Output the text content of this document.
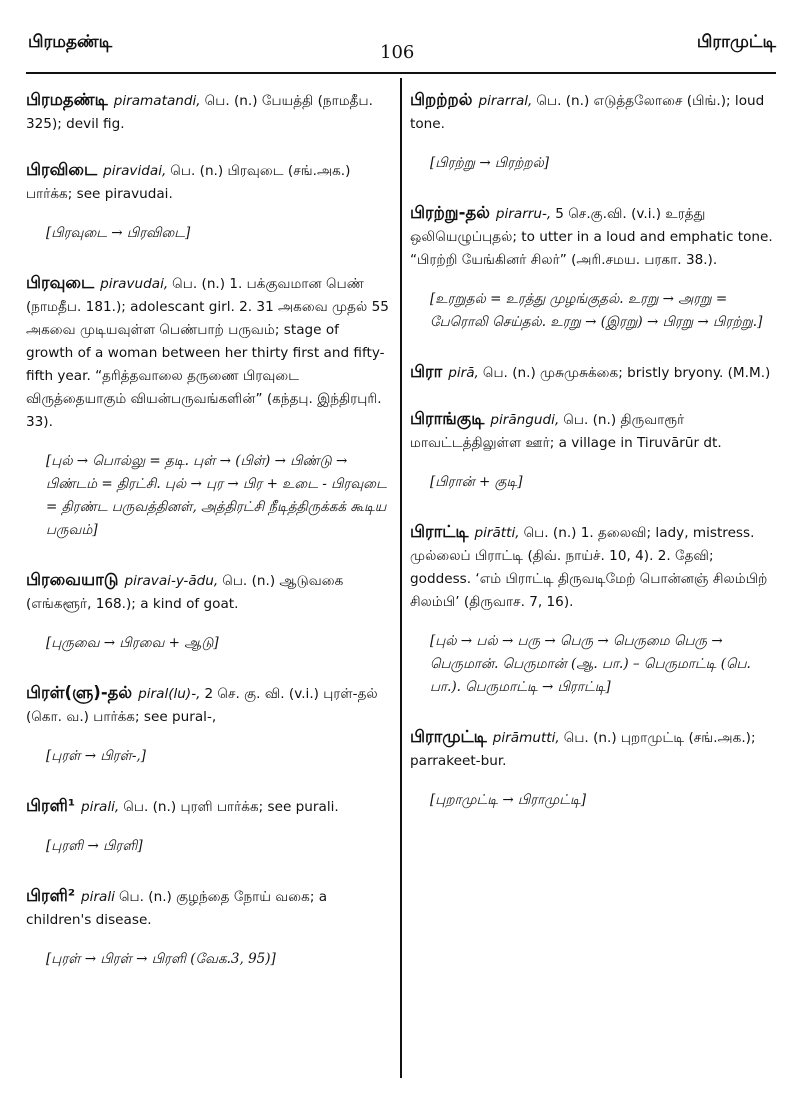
பிரமதண்டி	106	பிராமுட்டி
பிரமதண்டி piramatandi, பெ. (n.) பேயத்தி (நாமதீப. 325); devil fig.
பிரவிடை piravidai, பெ. (n.) பிரவுடை (சங்.அக.) பார்க்க; see piravudai.
[பிரவுடை → பிரவிடை]
பிரவுடை piravudai, பெ. (n.) 1. பக்குவமான பெண் (நாமதீப. 181.); adolescant girl. 2. 31 அகவை முதல் 55 அகவை முடியவுள்ள பெண்பாற் பருவம்; stage of growth of a woman between her thirty first and fifty-fifth year. “தரித்தவாலை தருணை பிரவுடை விருத்தையாகும் வியன்பருவங்களின்” (கந்தபு. இந்திரபுரி. 33).
[புல் → பொல்லு = தடி. புள் → (பிள்) → பிண்டு → பிண்டம் = திரட்சி. புல் → புர → பிர + உடை - பிரவுடை = திரண்ட பருவத்தினள், அத்திரட்சி நீடித்திருக்கக் கூடிய பருவம்]
பிரவையாடு piravai-y-ādu, பெ. (n.) ஆடுவகை (எங்களூர், 168.); a kind of goat.
[புருவை → பிரவை + ஆடு]
பிரள்(ளு)-தல் piral(lu)-, 2 செ. கு. வி. (v.i.) புரள்-தல் (கொ. வ.) பார்க்க; see pural-,
[புரள் → பிரள்-,]
பிரளி¹ pirali, பெ. (n.) புரளி பார்க்க; see purali.
[புரளி → பிரளி]
பிரளி² pirali பெ. (n.) குழந்தை நோய் வகை; a children's disease.
[புரள் → பிரள் → பிரளி (வேக.3, 95)]
பிறற்றல் pirarral, பெ. (n.) எடுத்தலோசை (பிங்.); loud tone.
[பிரற்று → பிரற்றல்]
பிரற்று-தல் pirarru-, 5 செ.கு.வி. (v.i.) உரத்து ஒலியெழுப்புதல்; to utter in a loud and emphatic tone. “பிரற்றி யேங்கினர் சிலர்” (அரி.சமய. பரகா. 38.).
[உரறுதல் = உரத்து முழங்குதல். உரறு → அரறு = பேரொலி செய்தல். உரறு → (இரறு) → பிரறு → பிரற்று.]
பிரா pirā, பெ. (n.) முசுமுசுக்கை; bristly bryony. (M.M.)
பிராங்குடி pirāngudi, பெ. (n.) திருவாரூர் மாவட்டத்திலுள்ள ஊர்; a village in Tiruvārūr dt.
[பிரான் + குடி]
பிராட்டி pirātti, பெ. (n.) 1. தலைவி; lady, mistress. முல்லைப் பிராட்டி (திவ். நாய்ச். 10, 4). 2. தேவி; goddess. ‘எம் பிராட்டி திருவடிமேற் பொன்னஞ் சிலம்பிற் சிலம்பி’ (திருவாச. 7, 16).
[புல் → பல் → பரு → பெரு → பெருமை பெரு → பெருமான். பெருமான் (ஆ. பா.) – பெருமாட்டி (பெ. பா.). பெருமாட்டி → பிராட்டி]
பிராமுட்டி pirāmutti, பெ. (n.) புறாமுட்டி (சங்.அக.); parrakeet-bur.
[புறாமுட்டி → பிராமுட்டி]
